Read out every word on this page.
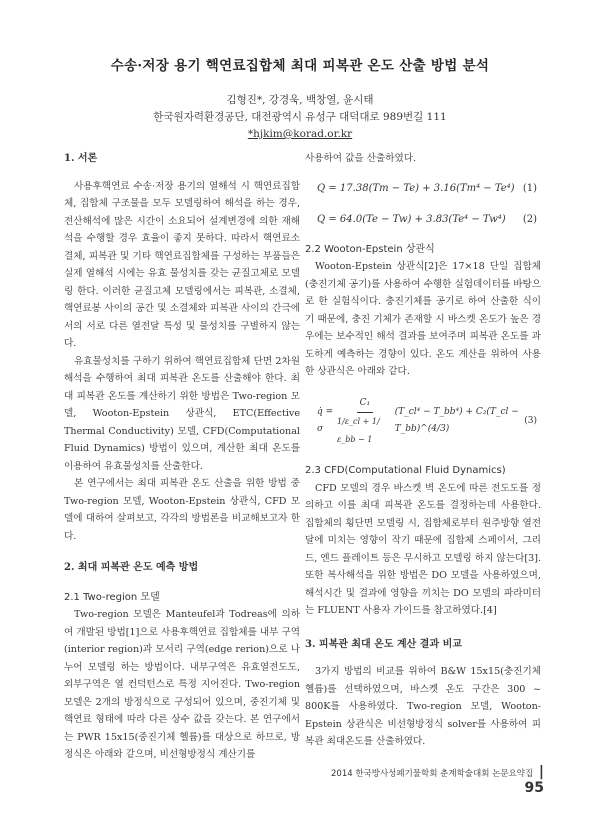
수송·저장 용기 핵연료집합체 최대 피복관 온도 산출 방법 분석
김형진*, 강경욱, 백창열, 윤시태
한국원자력환경공단, 대전광역시 유성구 대덕대로 989번길 111
*hjkim@korad.or.kr

1. 서론

사용후핵연료 수송·저장 용기의 열해석 시 핵연료집합체, 집합체 구조물을 모두 모델링하여 해석을 하는 경우, 전산해석에 많은 시간이 소요되어 설계변경에 의한 재해석을 수행할 경우 효율이 좋지 못하다. 따라서 핵연료소결체, 피복관 및 기타 핵연료집합체를 구성하는 부품들은 실제 열해석 시에는 유효 물성치를 갖는 균질고체로 모델링 한다. 이러한 균질고체 모델링에서는 피복관, 소결체, 핵연료봉 사이의 공간 및 소결체와 피복관 사이의 간극에서의 서로 다른 열전달 특성 및 물성치를 구별하지 않는다.

유효물성치를 구하기 위하여 핵연료집합체 단면 2차원 해석을 수행하여 최대 피복관 온도를 산출해야 한다. 최대 피복관 온도를 계산하기 위한 방법은 Two-region 모델, Wooton-Epstein 상관식, ETC(Effective Thermal Conductivity) 모델, CFD(Computational Fluid Dynamics) 방법이 있으며, 계산한 최대 온도를 이용하여 유효물성치를 산출한다.

본 연구에서는 최대 피복관 온도 산출을 위한 방법 중 Two-region 모델, Wooton-Epstein 상관식, CFD 모델에 대하여 살펴보고, 각각의 방법론을 비교해보고자 한다.

2. 최대 피복관 온도 예측 방법

2.1 Two-region 모델

Two-region 모델은 Manteufel과 Todreas에 의하여 개발된 방법[1]으로 사용후핵연료 집합체를 내부 구역(interior region)과 모서리 구역(edge rerion)으로 나누어 모델링 하는 방법이다. 내부구역은 유효열전도도, 외부구역은 열 컨덕턴스로 특정 지어진다. Two-region 모델은 2개의 방정식으로 구성되어 있으며, 중진기체 및 핵연료 형태에 따라 다른 상수 값을 갖는다. 본 연구에서는 PWR 15x15(중진기체 헬륨)를 대상으로 하므로, 방정식은 아래와 같으며, 비선형방정식 계산기를

사용하여 값을 산출하였다.

Q = 17.38(Tm − Te) + 3.16(Tm⁴ − Te⁴) (1)
Q = 64.0(Te − Tw) + 3.83(Te⁴ − Tw⁴) (2)

2.2 Wooton-Epstein 상관식

Wooton-Epstein 상관식[2]은 17×18 단일 집합체(충진기체 공기)를 사용하여 수행한 실험데이터를 바탕으로 한 실험식이다. 충진기체를 공기로 하여 산출한 식이기 때문에, 충진 기체가 존재할 시 바스켓 온도가 높은 경우에는 보수적인 해석 결과를 보여주며 피복관 온도를 과도하게 예측하는 경향이 있다. 온도 계산을 위하여 사용한 상관식은 아래와 같다.

q̇ = σ	$\frac{\text{C₁}}{1/\varepsilon\_cl + 1/\varepsilon\_bb - 1}$ (T_cl⁴ − T_bb⁴) + C₂(T_cl − T_bb)^(4/3)
(3)

2.3 CFD(Computational Fluid Dynamics)

CFD 모델의 경우 바스켓 벽 온도에 따른 전도도를 정의하고 이를 최대 피복관 온도를 결정하는데 사용한다. 집합체의 횡단면 모델링 시, 집합체로부터 원주방향 열전달에 미치는 영향이 작기 때문에 집합체 스페이서, 그리드, 엔드 플레이트 등은 무시하고 모델링 하지 않는다[3]. 또한 복사해석을 위한 방법은 DO 모델을 사용하였으며, 해석시간 및 결과에 영향을 끼치는 DO 모델의 파라미터는 FLUENT 사용자 가이드를 참고하였다.[4]

3. 피복관 최대 온도 계산 결과 비교

3가지 방법의 비교를 위하여 B&W 15x15(충진기체 헬륨)를 선택하였으며, 바스켓 온도 구간은 300 ~ 800K를 사용하였다. Two-region 모델, Wooton-Epstein 상관식은 비선형방정식 solver를 사용하여 피복관 최대온도를 산출하였다.

2014 한국방사성폐기물학회 춘계학술대회 논문요약집 | 95
